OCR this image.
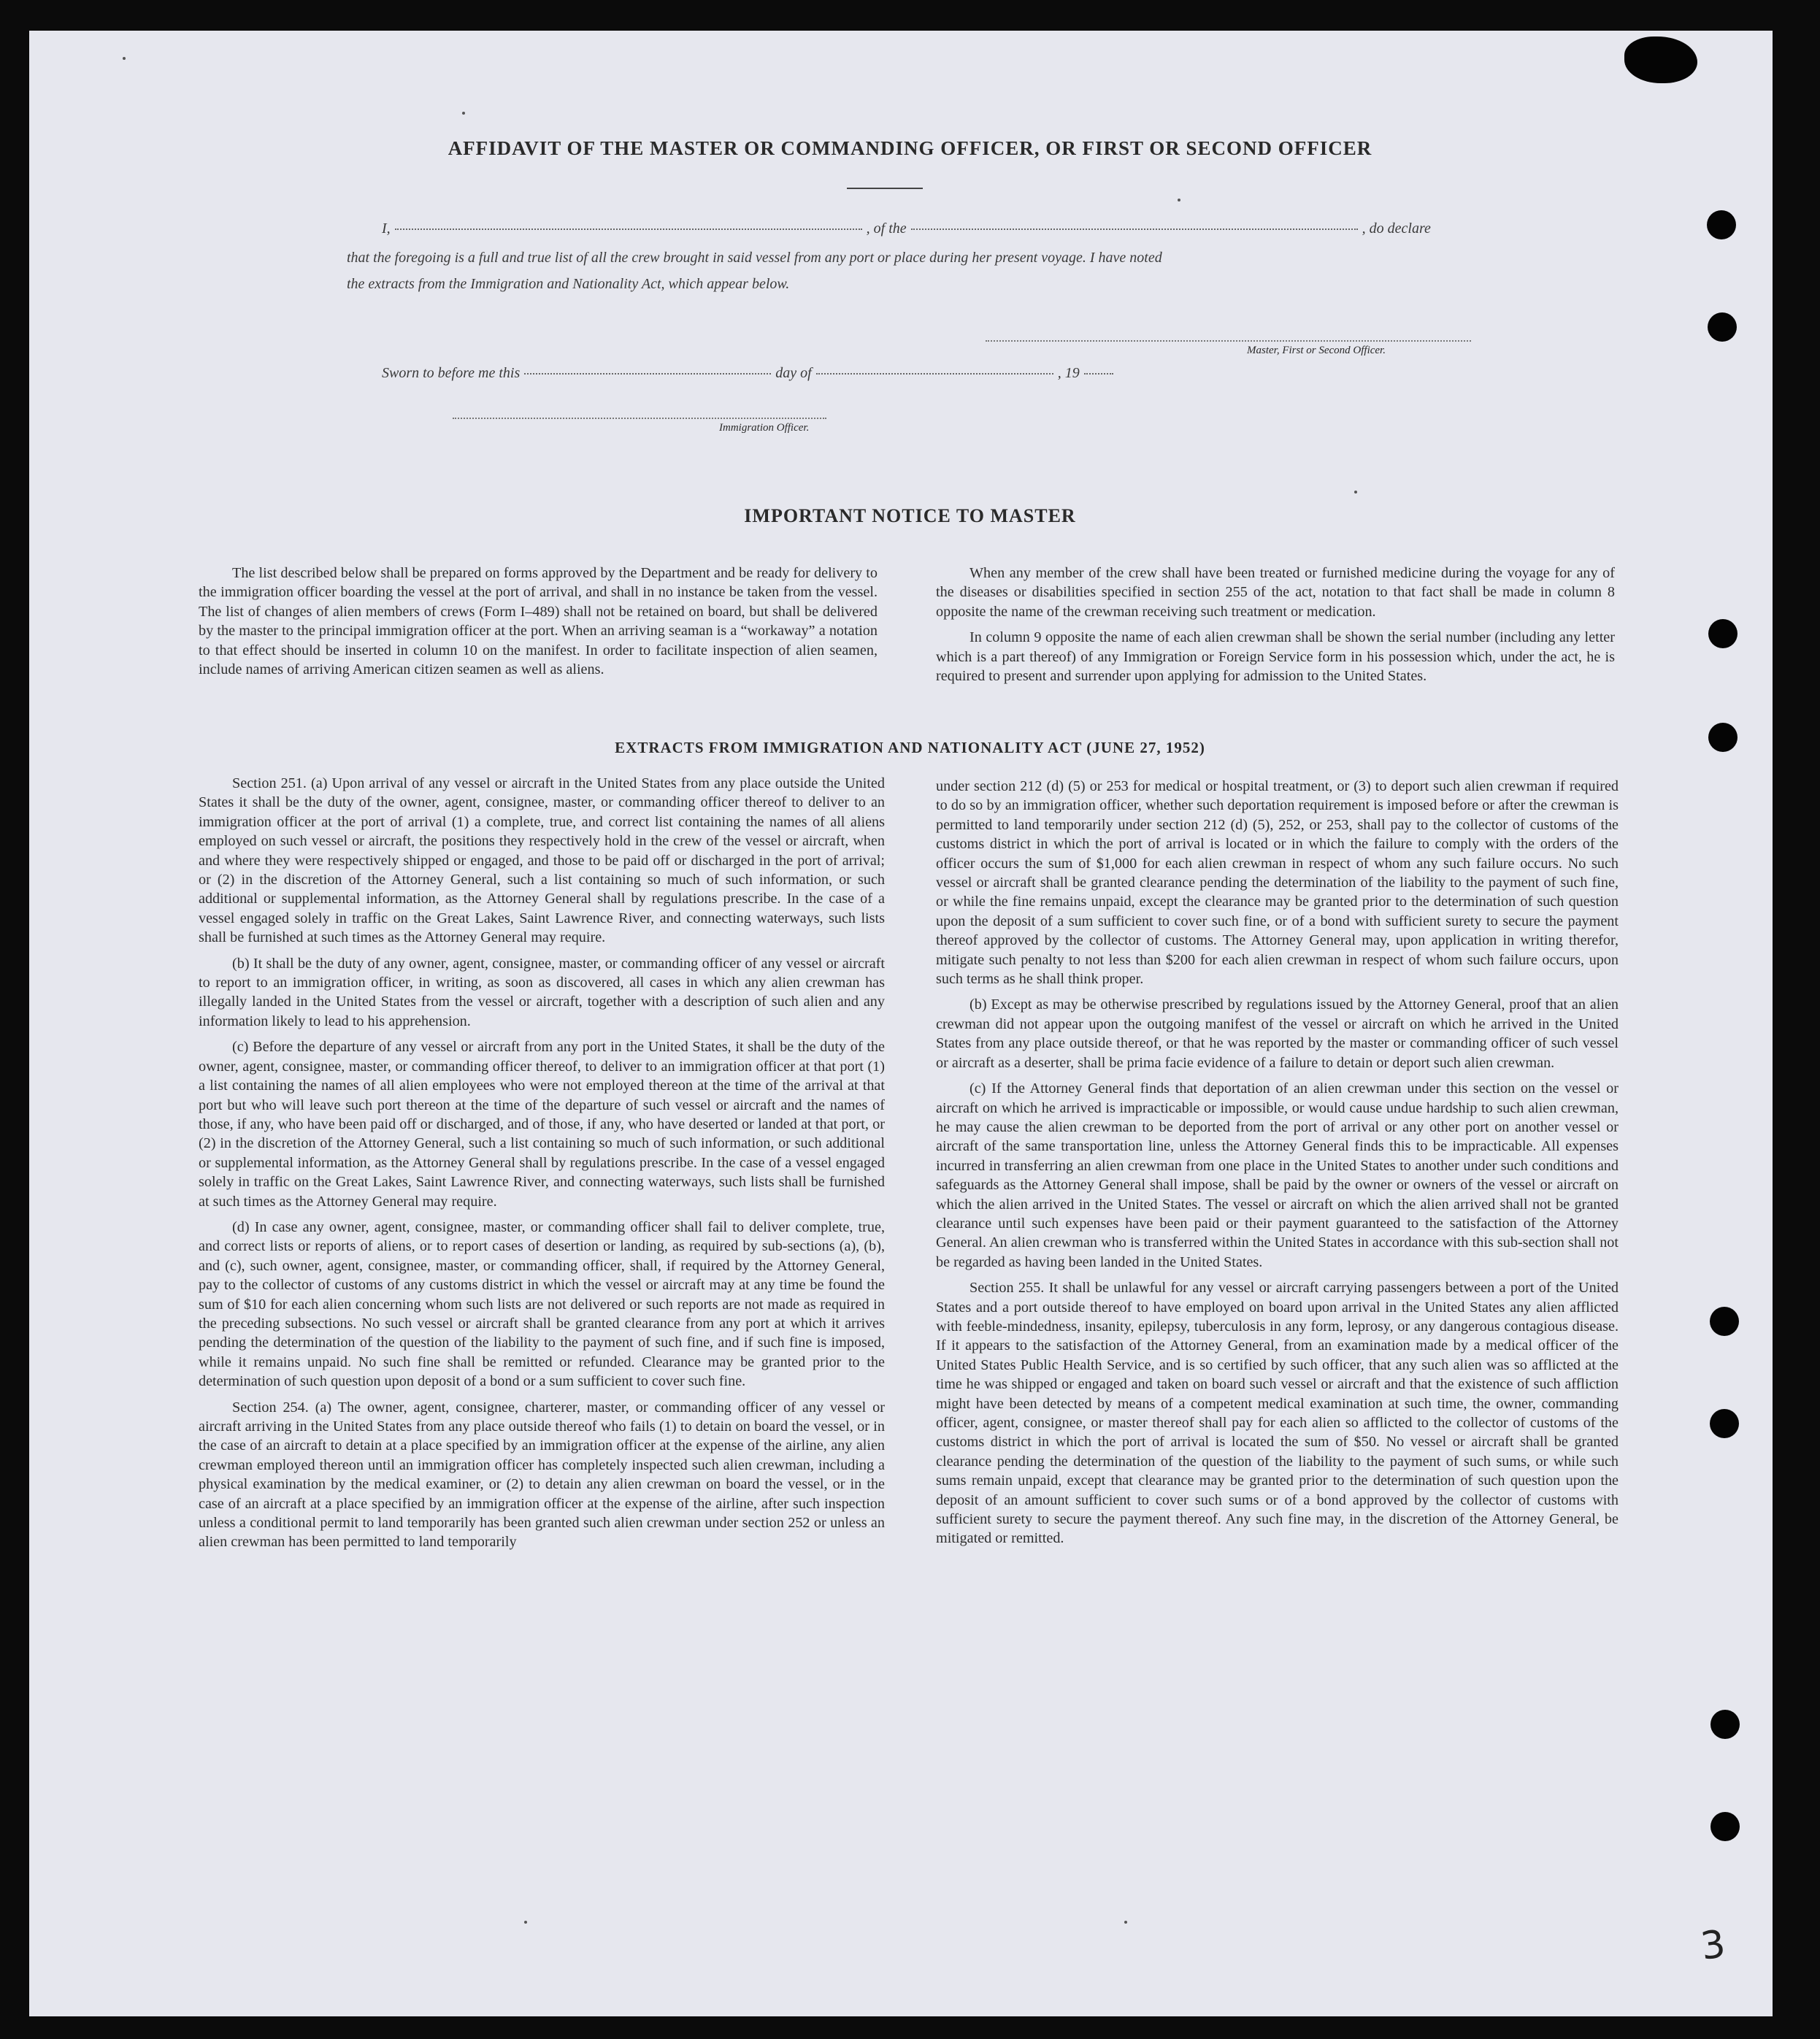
AFFIDAVIT OF THE MASTER OR COMMANDING OFFICER, OR FIRST OR SECOND OFFICER
I,	, of the	, do declare
that the foregoing is a full and true list of all the crew brought in said vessel from any port or place during her present voyage. I have noted
the extracts from the Immigration and Nationality Act, which appear below.
Master, First or Second Officer.
Sworn to before me this	day of	, 19
Immigration Officer.
IMPORTANT NOTICE TO MASTER

The list described below shall be prepared on forms approved by the Department and be ready for delivery to the immigration officer boarding the vessel at the port of arrival, and shall in no instance be taken from the vessel. The list of changes of alien members of crews (Form I–489) shall not be retained on board, but shall be delivered by the master to the principal immigration officer at the port. When an arriving seaman is a “workaway” a notation to that effect should be inserted in column 10 on the manifest. In order to facilitate inspection of alien seamen, include names of arriving American citizen seamen as well as aliens.

When any member of the crew shall have been treated or furnished medicine during the voyage for any of the diseases or disabilities specified in section 255 of the act, notation to that fact shall be made in column 8 opposite the name of the crewman receiving such treatment or medication.

In column 9 opposite the name of each alien crewman shall be shown the serial number (including any letter which is a part thereof) of any Immigration or Foreign Service form in his possession which, under the act, he is required to present and surrender upon applying for admission to the United States.

EXTRACTS FROM IMMIGRATION AND NATIONALITY ACT (JUNE 27, 1952)

Section 251. (a) Upon arrival of any vessel or aircraft in the United States from any place outside the United States it shall be the duty of the owner, agent, consignee, master, or commanding officer thereof to deliver to an immigration officer at the port of arrival (1) a complete, true, and correct list containing the names of all aliens employed on such vessel or aircraft, the positions they respectively hold in the crew of the vessel or aircraft, when and where they were respectively shipped or engaged, and those to be paid off or discharged in the port of arrival; or (2) in the discretion of the Attorney General, such a list containing so much of such information, or such additional or supplemental information, as the Attorney General shall by regulations prescribe. In the case of a vessel engaged solely in traffic on the Great Lakes, Saint Lawrence River, and connecting waterways, such lists shall be furnished at such times as the Attorney General may require.

(b) It shall be the duty of any owner, agent, consignee, master, or commanding officer of any vessel or aircraft to report to an immigration officer, in writing, as soon as discovered, all cases in which any alien crewman has illegally landed in the United States from the vessel or aircraft, together with a description of such alien and any information likely to lead to his apprehension.

(c) Before the departure of any vessel or aircraft from any port in the United States, it shall be the duty of the owner, agent, consignee, master, or commanding officer thereof, to deliver to an immigration officer at that port (1) a list containing the names of all alien employees who were not employed thereon at the time of the arrival at that port but who will leave such port thereon at the time of the departure of such vessel or aircraft and the names of those, if any, who have been paid off or discharged, and of those, if any, who have deserted or landed at that port, or (2) in the discretion of the Attorney General, such a list containing so much of such information, or such additional or supplemental information, as the Attorney General shall by regulations prescribe. In the case of a vessel engaged solely in traffic on the Great Lakes, Saint Lawrence River, and connecting waterways, such lists shall be furnished at such times as the Attorney General may require.

(d) In case any owner, agent, consignee, master, or commanding officer shall fail to deliver complete, true, and correct lists or reports of aliens, or to report cases of desertion or landing, as required by sub-sections (a), (b), and (c), such owner, agent, consignee, master, or commanding officer, shall, if required by the Attorney General, pay to the collector of customs of any customs district in which the vessel or aircraft may at any time be found the sum of $10 for each alien concerning whom such lists are not delivered or such reports are not made as required in the preceding subsections. No such vessel or aircraft shall be granted clearance from any port at which it arrives pending the determination of the question of the liability to the payment of such fine, and if such fine is imposed, while it remains unpaid. No such fine shall be remitted or refunded. Clearance may be granted prior to the determination of such question upon deposit of a bond or a sum sufficient to cover such fine.

Section 254. (a) The owner, agent, consignee, charterer, master, or commanding officer of any vessel or aircraft arriving in the United States from any place outside thereof who fails (1) to detain on board the vessel, or in the case of an aircraft to detain at a place specified by an immigration officer at the expense of the airline, any alien crewman employed thereon until an immigration officer has completely inspected such alien crewman, including a physical examination by the medical examiner, or (2) to detain any alien crewman on board the vessel, or in the case of an aircraft at a place specified by an immigration officer at the expense of the airline, after such inspection unless a conditional permit to land temporarily has been granted such alien crewman under section 252 or unless an alien crewman has been permitted to land temporarily

under section 212 (d) (5) or 253 for medical or hospital treatment, or (3) to deport such alien crewman if required to do so by an immigration officer, whether such deportation requirement is imposed before or after the crewman is permitted to land temporarily under section 212 (d) (5), 252, or 253, shall pay to the collector of customs of the customs district in which the port of arrival is located or in which the failure to comply with the orders of the officer occurs the sum of $1,000 for each alien crewman in respect of whom any such failure occurs. No such vessel or aircraft shall be granted clearance pending the determination of the liability to the payment of such fine, or while the fine remains unpaid, except the clearance may be granted prior to the determination of such question upon the deposit of a sum sufficient to cover such fine, or of a bond with sufficient surety to secure the payment thereof approved by the collector of customs. The Attorney General may, upon application in writing therefor, mitigate such penalty to not less than $200 for each alien crewman in respect of whom such failure occurs, upon such terms as he shall think proper.

(b) Except as may be otherwise prescribed by regulations issued by the Attorney General, proof that an alien crewman did not appear upon the outgoing manifest of the vessel or aircraft on which he arrived in the United States from any place outside thereof, or that he was reported by the master or commanding officer of such vessel or aircraft as a deserter, shall be prima facie evidence of a failure to detain or deport such alien crewman.

(c) If the Attorney General finds that deportation of an alien crewman under this section on the vessel or aircraft on which he arrived is impracticable or impossible, or would cause undue hardship to such alien crewman, he may cause the alien crewman to be deported from the port of arrival or any other port on another vessel or aircraft of the same transportation line, unless the Attorney General finds this to be impracticable. All expenses incurred in transferring an alien crewman from one place in the United States to another under such conditions and safeguards as the Attorney General shall impose, shall be paid by the owner or owners of the vessel or aircraft on which the alien arrived in the United States. The vessel or aircraft on which the alien arrived shall not be granted clearance until such expenses have been paid or their payment guaranteed to the satisfaction of the Attorney General. An alien crewman who is transferred within the United States in accordance with this sub-section shall not be regarded as having been landed in the United States.

Section 255. It shall be unlawful for any vessel or aircraft carrying passengers between a port of the United States and a port outside thereof to have employed on board upon arrival in the United States any alien afflicted with feeble-mindedness, insanity, epilepsy, tuberculosis in any form, leprosy, or any dangerous contagious disease. If it appears to the satisfaction of the Attorney General, from an examination made by a medical officer of the United States Public Health Service, and is so certified by such officer, that any such alien was so afflicted at the time he was shipped or engaged and taken on board such vessel or aircraft and that the existence of such affliction might have been detected by means of a competent medical examination at such time, the owner, commanding officer, agent, consignee, or master thereof shall pay for each alien so afflicted to the collector of customs of the customs district in which the port of arrival is located the sum of $50. No vessel or aircraft shall be granted clearance pending the determination of the question of the liability to the payment of such sums, or while such sums remain unpaid, except that clearance may be granted prior to the determination of such question upon the deposit of an amount sufficient to cover such sums or of a bond approved by the collector of customs with sufficient surety to secure the payment thereof. Any such fine may, in the discretion of the Attorney General, be mitigated or remitted.

3
